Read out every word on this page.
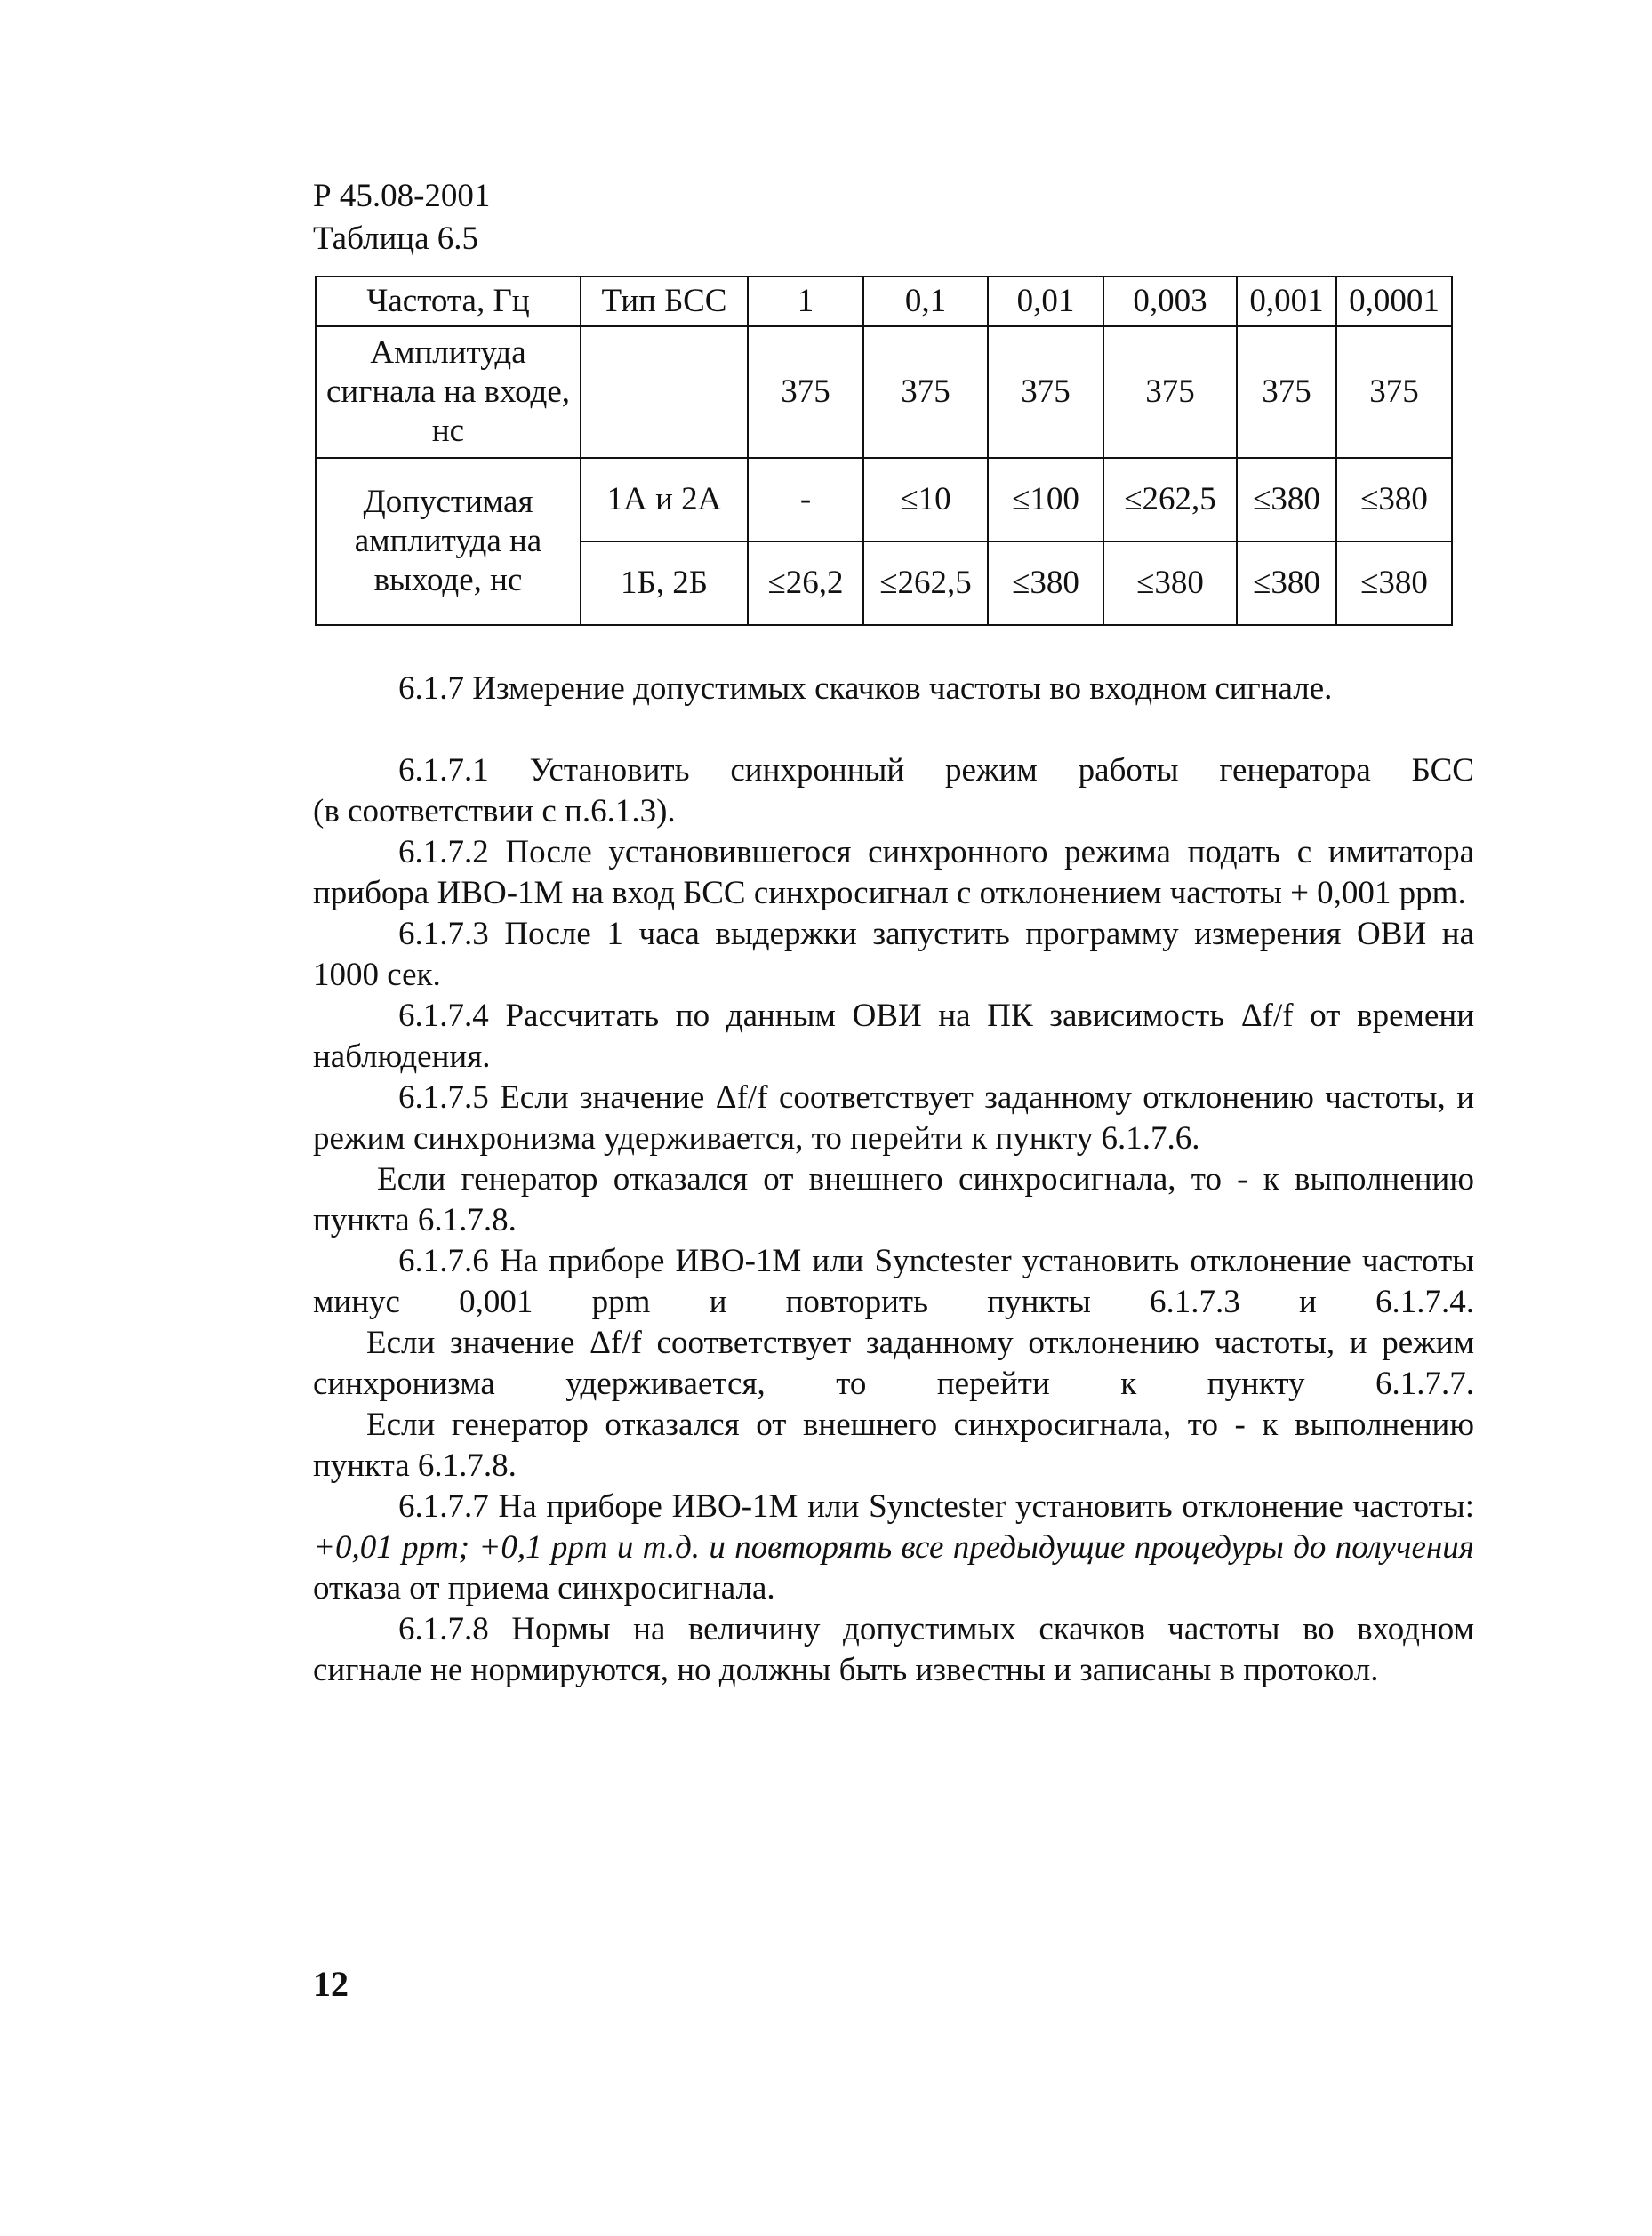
Р 45.08-2001
Таблица 6.5
Частота, Гц	Тип БСС	1	0,1	0,01	0,003	0,001	0,0001
Амплитуда сигнала на входе, нс		375	375	375	375	375	375
Допустимая амплитуда на выходе, нс	1А и 2А	-	≤10	≤100	≤262,5	≤380	≤380
	1Б, 2Б	≤26,2	≤262,5	≤380	≤380	≤380	≤380
6.1.7 Измерение допустимых скачков частоты во входном сигнале.
6.1.7.1 Установить синхронный режим работы генератора БСС
(в соответствии с п.6.1.3).
6.1.7.2 После установившегося синхронного режима подать с имитатора
прибора ИВО-1М на вход БСС синхросигнал с отклонением частоты + 0,001 ppm.
6.1.7.3 После 1 часа выдержки запустить программу измерения ОВИ на
1000 сек.
6.1.7.4 Рассчитать по данным ОВИ на ПК зависимость Δf/f от времени
наблюдения.
6.1.7.5 Если значение Δf/f соответствует заданному отклонению частоты, и
режим синхронизма удерживается, то перейти к пункту 6.1.7.6.
Если генератор отказался от внешнего синхросигнала, то - к выполнению
пункта 6.1.7.8.
6.1.7.6 На приборе ИВО-1М или Synctester установить отклонение частоты
минус 0,001 ppm и повторить пункты 6.1.7.3 и 6.1.7.4.
Если значение Δf/f соответствует заданному отклонению частоты, и режим
синхронизма удерживается, то перейти к пункту 6.1.7.7.
Если генератор отказался от внешнего синхросигнала, то - к выполнению
пункта 6.1.7.8.
6.1.7.7 На приборе ИВО-1М или Synctester установить отклонение частоты:
+0,01 ppm; +0,1 ppm и т.д. и повторять все предыдущие процедуры до получения
отказа от приема синхросигнала.
6.1.7.8 Нормы на величину допустимых скачков частоты во входном
сигнале не нормируются, но должны быть известны и записаны в протокол.
12
